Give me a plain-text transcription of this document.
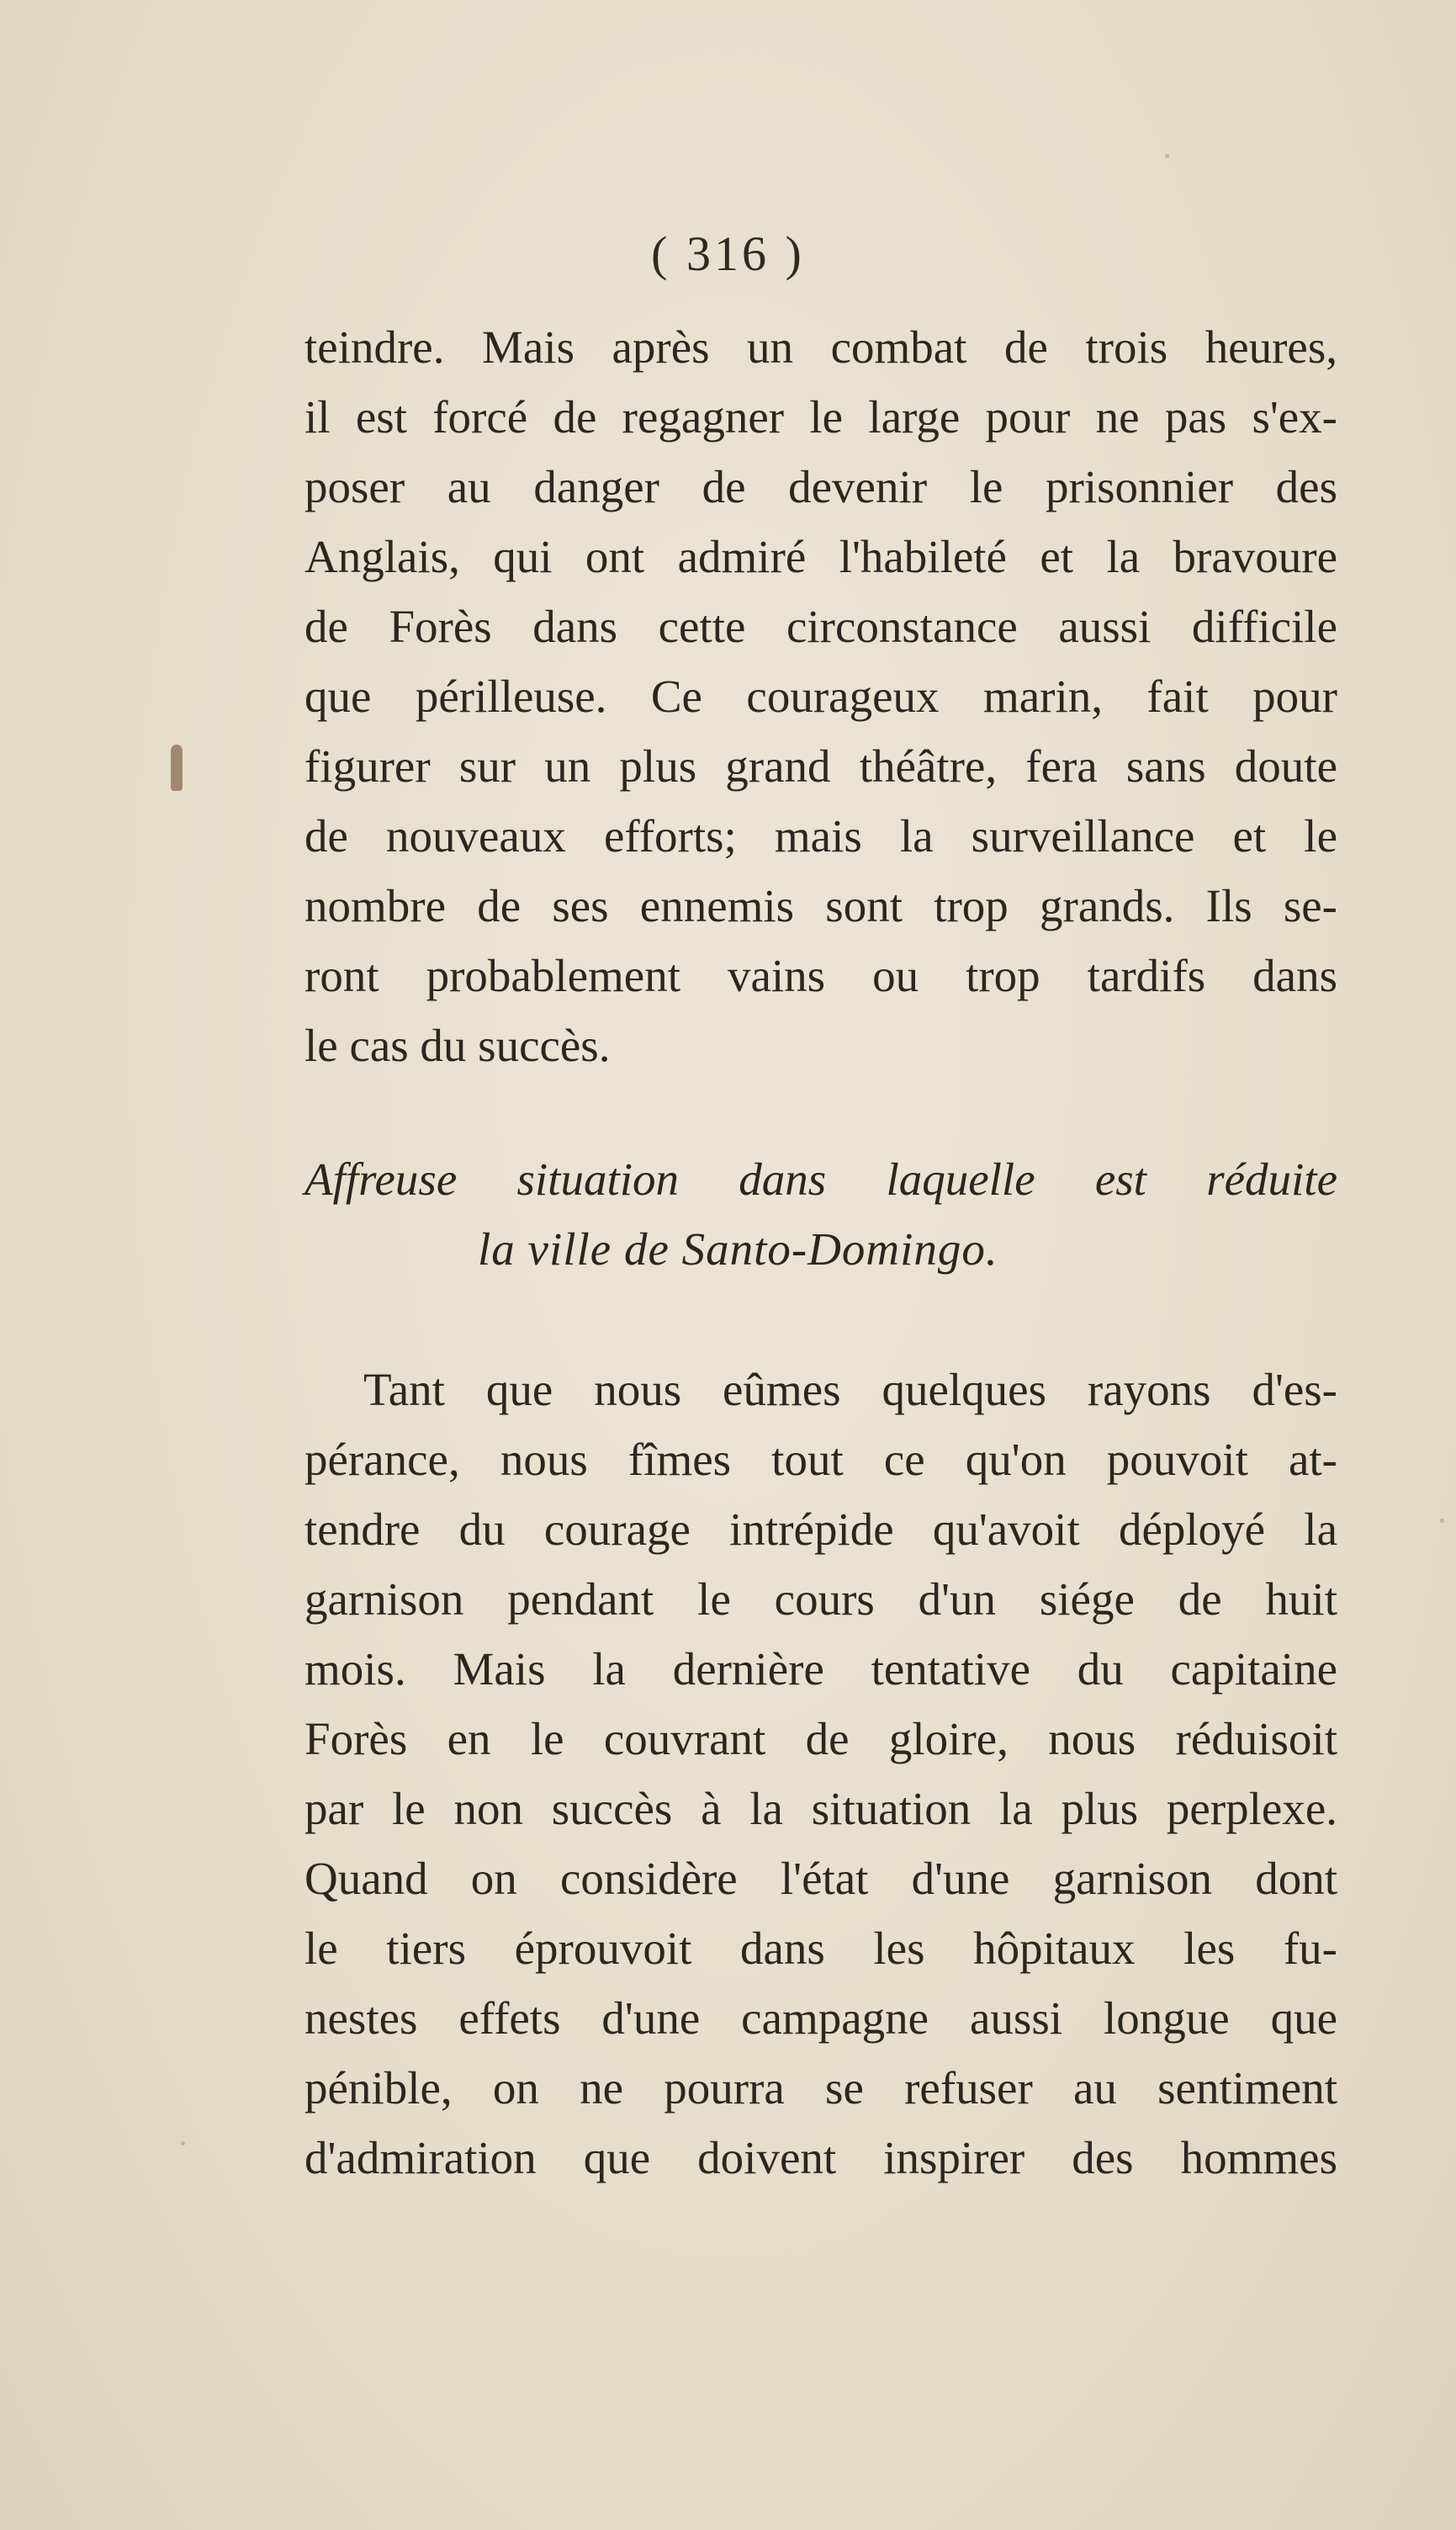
( 316 )
teindre. Mais après un combat de trois heures,
il est forcé de regagner le large pour ne pas s'ex-
poser au danger de devenir le prisonnier des
Anglais, qui ont admiré l'habileté et la bravoure
de Forès dans cette circonstance aussi difficile
que périlleuse. Ce courageux marin, fait pour
figurer sur un plus grand théâtre, fera sans doute
de nouveaux efforts; mais la surveillance et le
nombre de ses ennemis sont trop grands. Ils se-
ront probablement vains ou trop tardifs dans
le cas du succès.
Affreuse situation dans laquelle est réduite
la ville de Santo-Domingo.
Tant que nous eûmes quelques rayons d'es-
pérance, nous fîmes tout ce qu'on pouvoit at-
tendre du courage intrépide qu'avoit déployé la
garnison pendant le cours d'un siége de huit
mois. Mais la dernière tentative du capitaine
Forès en le couvrant de gloire, nous réduisoit
par le non succès à la situation la plus perplexe.
Quand on considère l'état d'une garnison dont
le tiers éprouvoit dans les hôpitaux les fu-
nestes effets d'une campagne aussi longue que
pénible, on ne pourra se refuser au sentiment
d'admiration que doivent inspirer des hommes
